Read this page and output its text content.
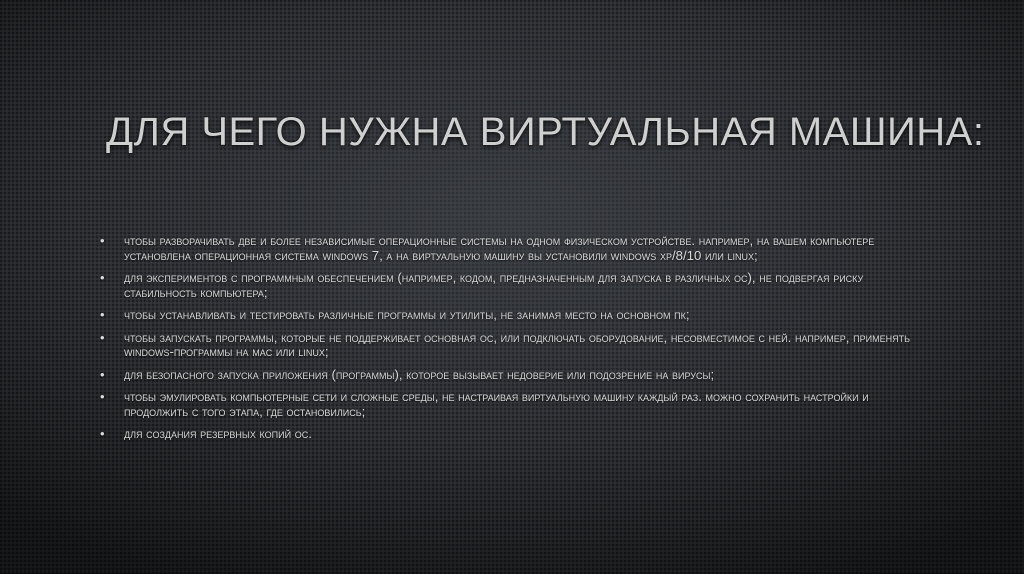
ДЛЯ ЧЕГО НУЖНА ВИРТУАЛЬНАЯ МАШИНА:
• чтобы разворачивать две и более независимые операционные системы на одном физическом устройстве. например, на вашем компьютере установлена операционная система windows 7, а на виртуальную машину вы установили windows xp/8/10 или linux;
• для экспериментов с программным обеспечением (например, кодом, предназначенным для запуска в различных ос), не подвергая риску стабильность компьютера;
• чтобы устанавливать и тестировать различные программы и утилиты, не занимая место на основном пк;
• чтобы запускать программы, которые не поддерживает основная ос, или подключать оборудование, несовместимое с ней. например, применять windows-программы на mac или linux;
• для безопасного запуска приложения (программы), которое вызывает недоверие или подозрение на вирусы;
• чтобы эмулировать компьютерные сети и сложные среды, не настраивая виртуальную машину каждый раз. можно сохранить настройки и продолжить с того этапа, где остановились;
• для создания резервных копий ос.
